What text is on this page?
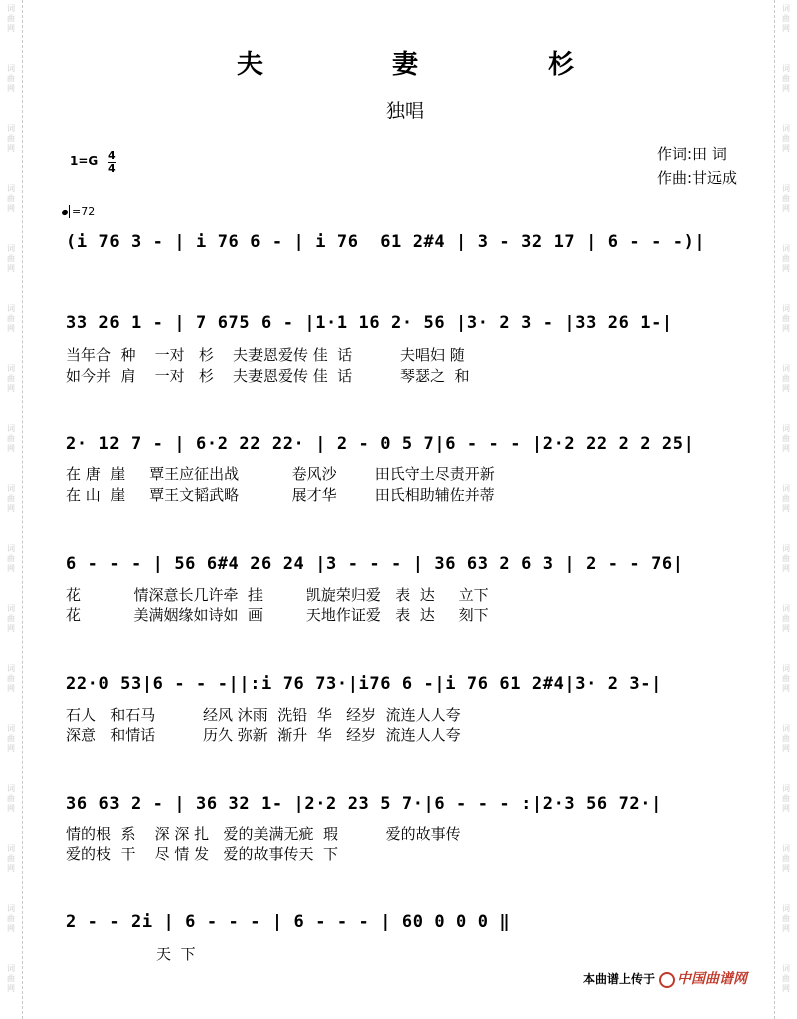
词
曲
网
词
曲
网
词
曲
网
词
曲
网
词
曲
网
词
曲
网
词
曲
网
词
曲
网
词
曲
网
词
曲
网
词
曲
网
词
曲
网
词
曲
网
词
曲
网
词
曲
网
词
曲
网
词
曲
网
词
曲
网
词
曲
网
词
曲
网
词
曲
网
词
曲
网
词
曲
网
词
曲
网
词
曲
网
词
曲
网
词
曲
网
词
曲
网
词
曲
网
词
曲
网
词
曲
网
词
曲
网
词
曲
网
词
曲
网
夫	妻	杉
独唱
1=G 4
4
作词:田 词
作曲:甘远成
=72
(i 76 3 - | i 76 6 - | i 76  61 2#4 | 3 - 32 17 | 6 - - -)|
33 26 1 - | 7 675 6 - |1·1 16 2· 56 |3· 2 3 - |33 26 1-|
当年合  种    一对   杉    夫妻恩爱传 佳  话          夫唱妇 随
如今并  肩    一对   杉    夫妻恩爱传 佳  话          琴瑟之  和
2· 12 7 - | 6·2 22 22· | 2 - 0 5 7|6 - - - |2·2 22 2 2 25|
在 唐  崖     覃王应征出战           卷风沙        田氏守土尽责开新
在 山  崖     覃王文韬武略           展才华        田氏相助辅佐并蒂
6 - - - | 56 6#4 26 24 |3 - - - | 36 63 2 6 3 | 2 - - 76|
花           情深意长几许牵  挂         凯旋荣归爱   表  达     立下
花           美满姻缘如诗如  画         天地作证爱   表  达     刻下
22·0 53|6 - - -||:i 76 73·|i76 6 -|i 76 61 2#4|3· 2 3-|
石人   和石马          经风 沐雨  洗铅  华   经岁  流连人人夸
深意   和情话          历久 弥新  渐升  华   经岁  流连人人夸
36 63 2 - | 36 32 1- |2·2 23 5 7·|6 - - - :|2·3 56 72·|
情的根  系    深 深 扎   爱的美满无疵  瑕          爱的故事传
爱的枝  干    尽 情 发   爱的故事传天  下
2 - - 2i | 6 - - - | 6 - - - | 60 0 0 0 ‖
天  下
本曲谱上传于 中国曲谱网
